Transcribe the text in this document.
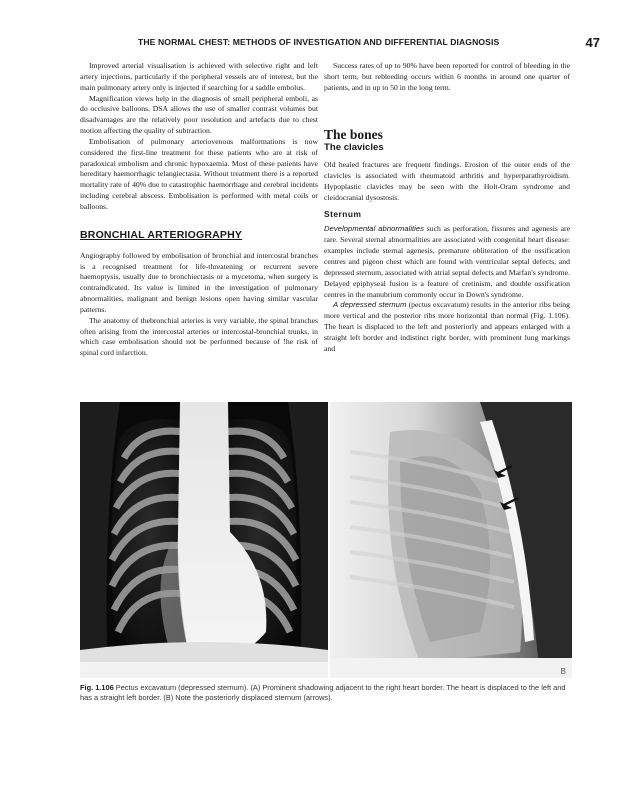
THE NORMAL CHEST: METHODS OF INVESTIGATION AND DIFFERENTIAL DIAGNOSIS	47

Improved arterial visualisation is achieved with selective right and left artery injections, particularly if the peripheral vessels are of interest, but the main pulmonary artery only is injected if searching for a saddle embolus.

Magnification views help in the diagnosis of small peripheral emboli, as do occlusive balloons. DSA allows the use of smaller contrast volumes but disadvantages are the relatively poor resolution and artefacts due to chest motion affecting the quality of subtraction.

Embolisation of pulmonary arteriovenous malformations is now considered the first-line treatment for these patients who are at risk of paradoxical embolism and chronic hypoxaemia. Most of these patients have hereditary haemorrhagic telangiectasia. Without treatment there is a reported mortality rate of 40% due to catastrophic haemorrhage and cerebral incidents including cerebral abscess. Embolisation is performed with metal coils or balloons.

BRONCHIAL ARTERIOGRAPHY

Angiography followed by embolisation of bronchial and intercostal branches is a recognised treatment for life-threatening or recurrent severe haemoptysis, usually due to bronchiectasis or a mycetoma, when surgery is contraindicated. Its value is limited in the investigation of pulmonary abnormalities, malignant and benign lesions open having similar vascular patterns.

The anatomy of thebronchial arteries is very variable, the spinal branches often arising from the intercostal arteries or intercostal-bronchial trunks, in which case embolisation should not be performed because of !he risk of spinal cord infarction.

Success rates of up to 90% have been reported for control of bleeding in the short term, but rebleeding occurs within 6 months in around one quarter of patients, and in up to 50 in the long term.

The bones
The clavicles

Old healed fractures are frequent findings. Erosion of the outer ends of the clavicles is associated with rheumatoid arthritis and hyperparathyroidism. Hypoplastic clavicles may be seen with the Holt-Oram syndrome and cleidocranial dysostosis.

Sternum

Developmental abnormalities such as perforation, fissures and agenesis are rare. Several sternal abnormalities are associated with congenital heart disease: examples include sternal agenesis, premature obliteration of the ossification centres and pigeon chest which are found with ventricular septal defects, and depressed sternum, associated with atrial septal defects and Marfan's syndrome. Delayed epiphyseal fusion is a feature of cretinism, and double ossification centres in the manubrium commonly occur in Down's syndrome.

A depressed sternum (pectus excavatum) results in the anterior ribs being more vertical and the posterior ribs more horizontal than normal (Fig. 1.106). The heart is displaced to the left and posteriorly and appears enlarged with a straight left border and indistinct right border, with prominent lung markings and

A	B
Fig. 1.106 Pectus excavatum (depressed sternum). (A) Prominent shadowing adjacent to the right heart border. The heart is displaced to the left and has a straight left border. (B) Note the posteriorly displaced sternum (arrows).
